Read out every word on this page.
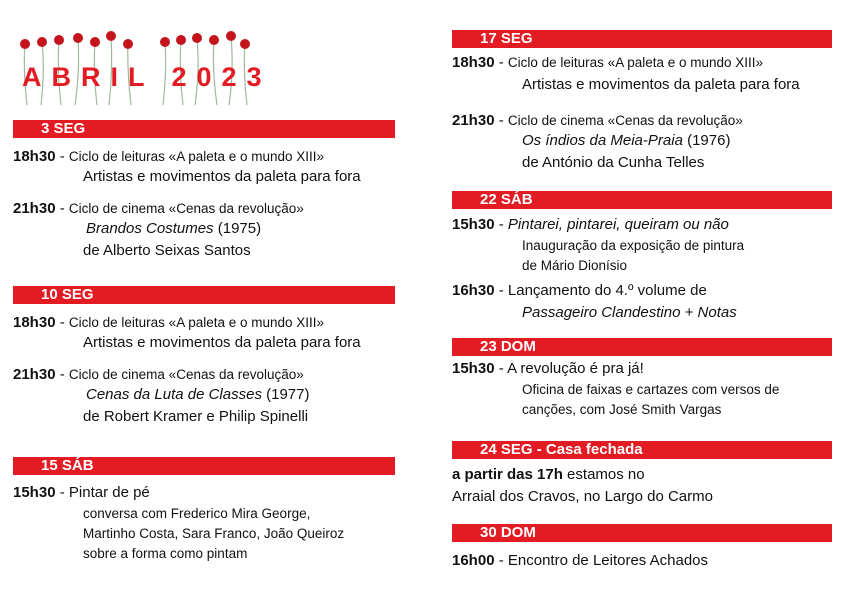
ABRIL 2023
3 SEG
18h30 - Ciclo de leituras «A paleta e o mundo XIII»
Artistas e movimentos da paleta para fora
21h30 - Ciclo de cinema «Cenas da revolução»
Brandos Costumes (1975)
de Alberto Seixas Santos
10 SEG
18h30 - Ciclo de leituras «A paleta e o mundo XIII»
Artistas e movimentos da paleta para fora
21h30 - Ciclo de cinema «Cenas da revolução»
Cenas da Luta de Classes (1977)
de Robert Kramer e Philip Spinelli
15 SÁB
15h30 - Pintar de pé
conversa com Frederico Mira George,
Martinho Costa, Sara Franco, João Queiroz
sobre a forma como pintam
17 SEG
18h30 - Ciclo de leituras «A paleta e o mundo XIII»
Artistas e movimentos da paleta para fora
21h30 - Ciclo de cinema «Cenas da revolução»
Os índios da Meia-Praia (1976)
de António da Cunha Telles
22 SÁB
15h30 - Pintarei, pintarei, queiram ou não
Inauguração da exposição de pintura
de Mário Dionísio
16h30 - Lançamento do 4.º volume de
Passageiro Clandestino + Notas
23 DOM
15h30 - A revolução é pra já!
Oficina de faixas e cartazes com versos de
canções, com José Smith Vargas
24 SEG - Casa fechada
a partir das 17h estamos no
Arraial dos Cravos, no Largo do Carmo
30 DOM
16h00 - Encontro de Leitores Achados
